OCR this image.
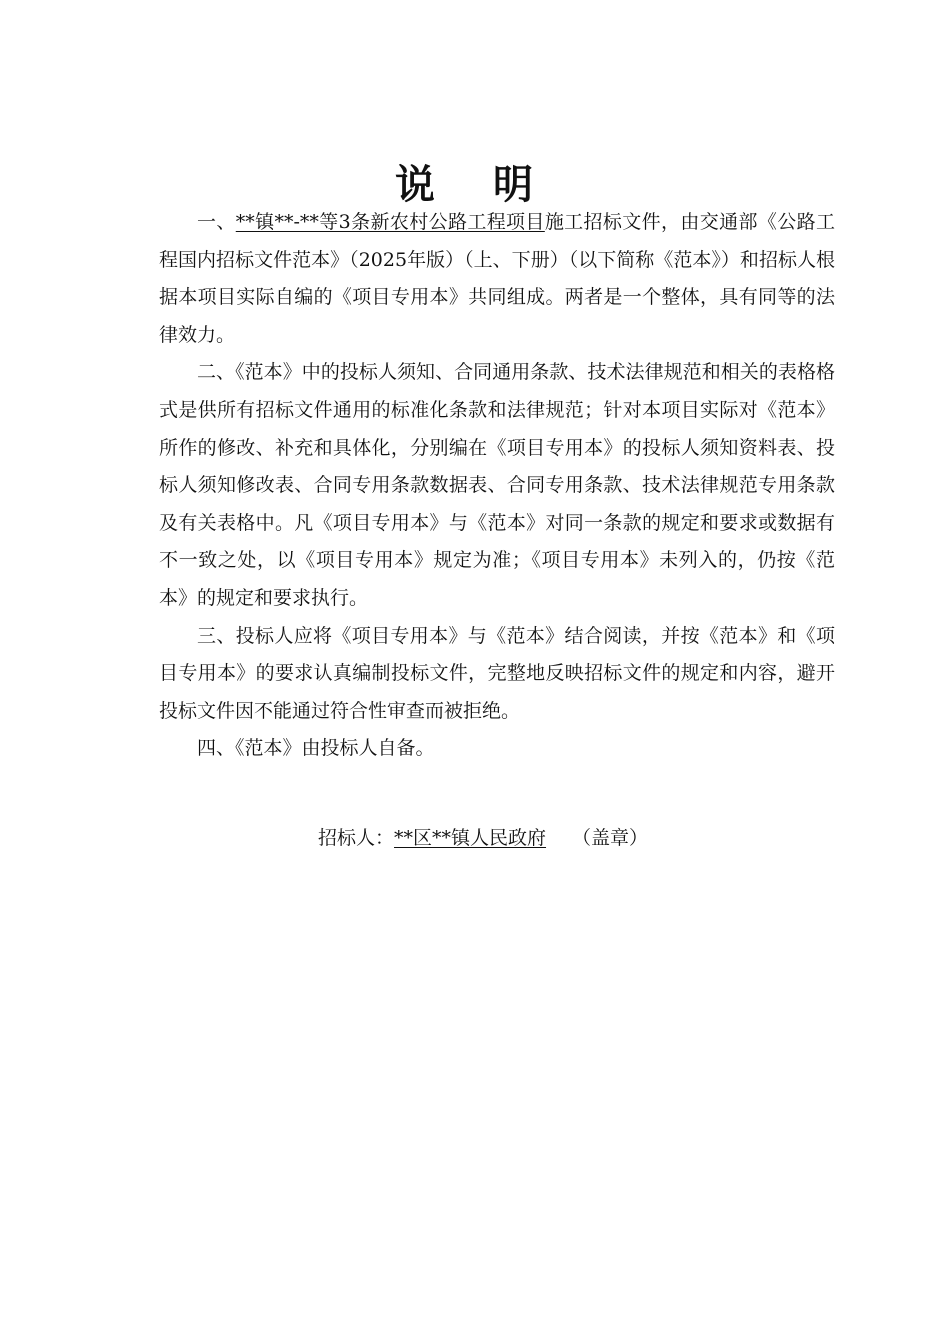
说 明

一、**镇**-**等3条新农村公路工程项目施工招标文件，由交通部《公路工程国内招标文件范本》（2025年版）（上、下册）（以下简称《范本》）和招标人根据本项目实际自编的《项目专用本》共同组成。两者是一个整体，具有同等的法律效力。

二、《范本》中的投标人须知、合同通用条款、技术法律规范和相关的表格格式是供所有招标文件通用的标准化条款和法律规范；针对本项目实际对《范本》所作的修改、补充和具体化，分别编在《项目专用本》的投标人须知资料表、投标人须知修改表、合同专用条款数据表、合同专用条款、技术法律规范专用条款及有关表格中。凡《项目专用本》与《范本》对同一条款的规定和要求或数据有不一致之处，以《项目专用本》规定为准；《项目专用本》未列入的，仍按《范本》的规定和要求执行。

三、投标人应将《项目专用本》与《范本》结合阅读，并按《范本》和《项目专用本》的要求认真编制投标文件，完整地反映招标文件的规定和内容，避开投标文件因不能通过符合性审查而被拒绝。

四、《范本》由投标人自备。

招标人：**区**镇人民政府 （盖章）
